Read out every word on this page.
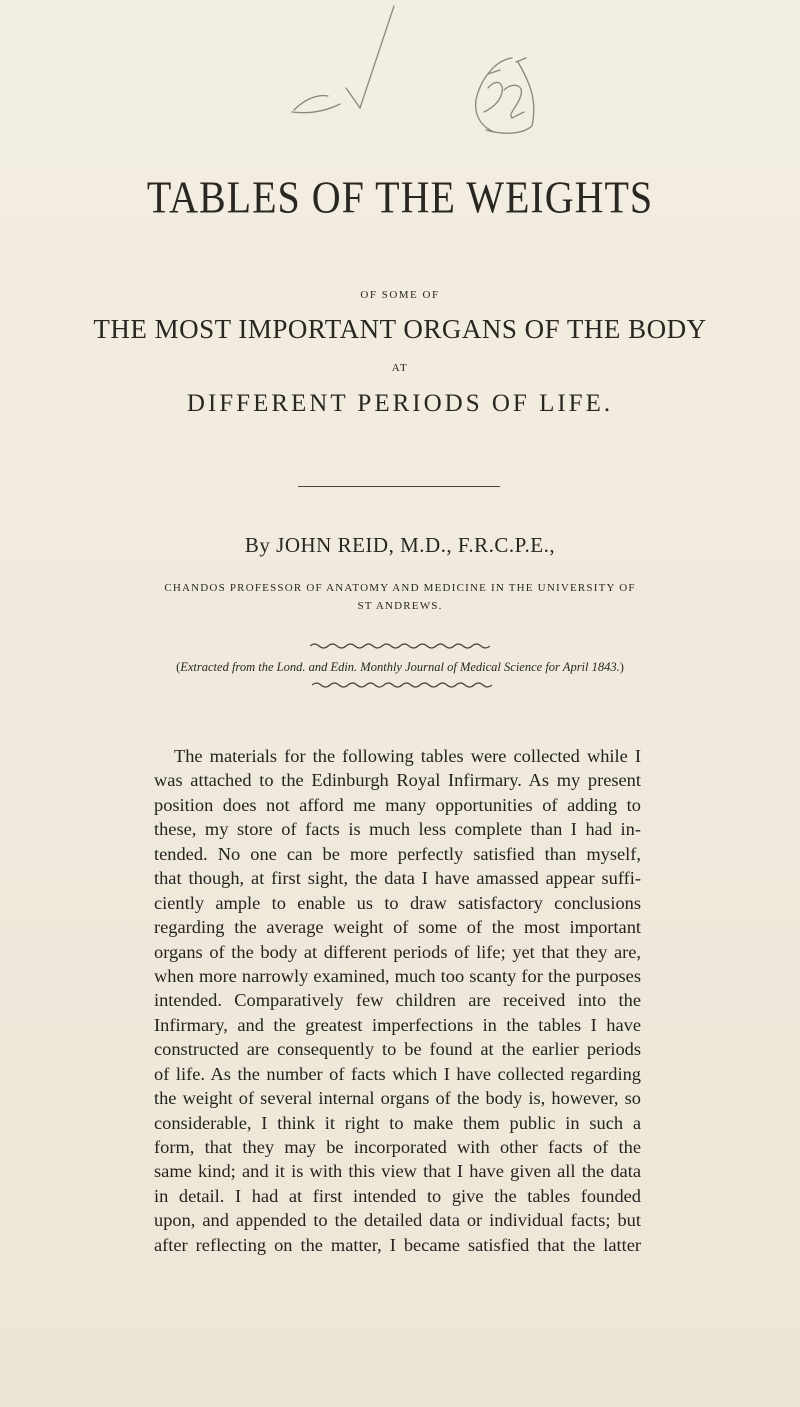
TABLES OF THE WEIGHTS
OF SOME OF
THE MOST IMPORTANT ORGANS OF THE BODY
AT
DIFFERENT PERIODS OF LIFE.
By JOHN REID, M.D., F.R.C.P.E.,
CHANDOS PROFESSOR OF ANATOMY AND MEDICINE IN THE UNIVERSITY OF
ST ANDREWS.
(Extracted from the Lond. and Edin. Monthly Journal of Medical Science for April 1843.)
The materials for the following tables were collected while I
was attached to the Edinburgh Royal Infirmary. As my present
position does not afford me many opportunities of adding to
these, my store of facts is much less complete than I had in-
tended. No one can be more perfectly satisfied than myself,
that though, at first sight, the data I have amassed appear suffi-
ciently ample to enable us to draw satisfactory conclusions
regarding the average weight of some of the most important
organs of the body at different periods of life; yet that they are,
when more narrowly examined, much too scanty for the purposes
intended. Comparatively few children are received into the
Infirmary, and the greatest imperfections in the tables I have
constructed are consequently to be found at the earlier periods
of life. As the number of facts which I have collected regarding
the weight of several internal organs of the body is, however, so
considerable, I think it right to make them public in such a
form, that they may be incorporated with other facts of the
same kind; and it is with this view that I have given all the data
in detail. I had at first intended to give the tables founded
upon, and appended to the detailed data or individual facts; but
after reflecting on the matter, I became satisfied that the latter
